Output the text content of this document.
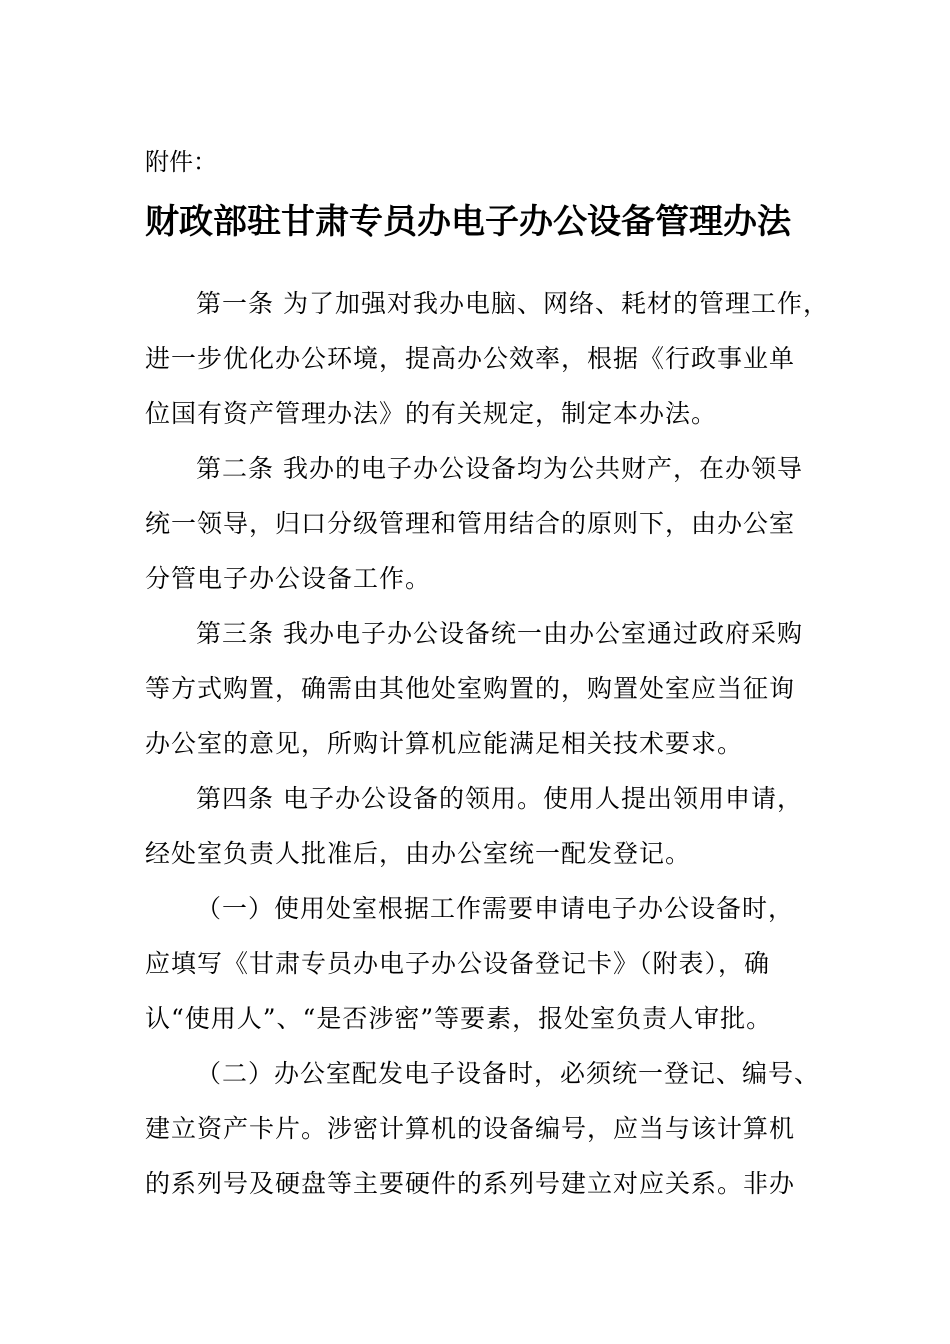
附件：
财政部驻甘肃专员办电子办公设备管理办法
第一条 为了加强对我办电脑、网络、耗材的管理工作，
进一步优化办公环境，提高办公效率，根据《行政事业单
位国有资产管理办法》的有关规定，制定本办法。
第二条 我办的电子办公设备均为公共财产，在办领导
统一领导，归口分级管理和管用结合的原则下，由办公室
分管电子办公设备工作。
第三条 我办电子办公设备统一由办公室通过政府采购
等方式购置，确需由其他处室购置的，购置处室应当征询
办公室的意见，所购计算机应能满足相关技术要求。
第四条 电子办公设备的领用。使用人提出领用申请，
经处室负责人批准后，由办公室统一配发登记。
（一）使用处室根据工作需要申请电子办公设备时，
应填写《甘肃专员办电子办公设备登记卡》（附表），确
认“使用人”、“是否涉密”等要素，报处室负责人审批。
（二）办公室配发电子设备时，必须统一登记、编号、
建立资产卡片。涉密计算机的设备编号，应当与该计算机
的系列号及硬盘等主要硬件的系列号建立对应关系。非办
